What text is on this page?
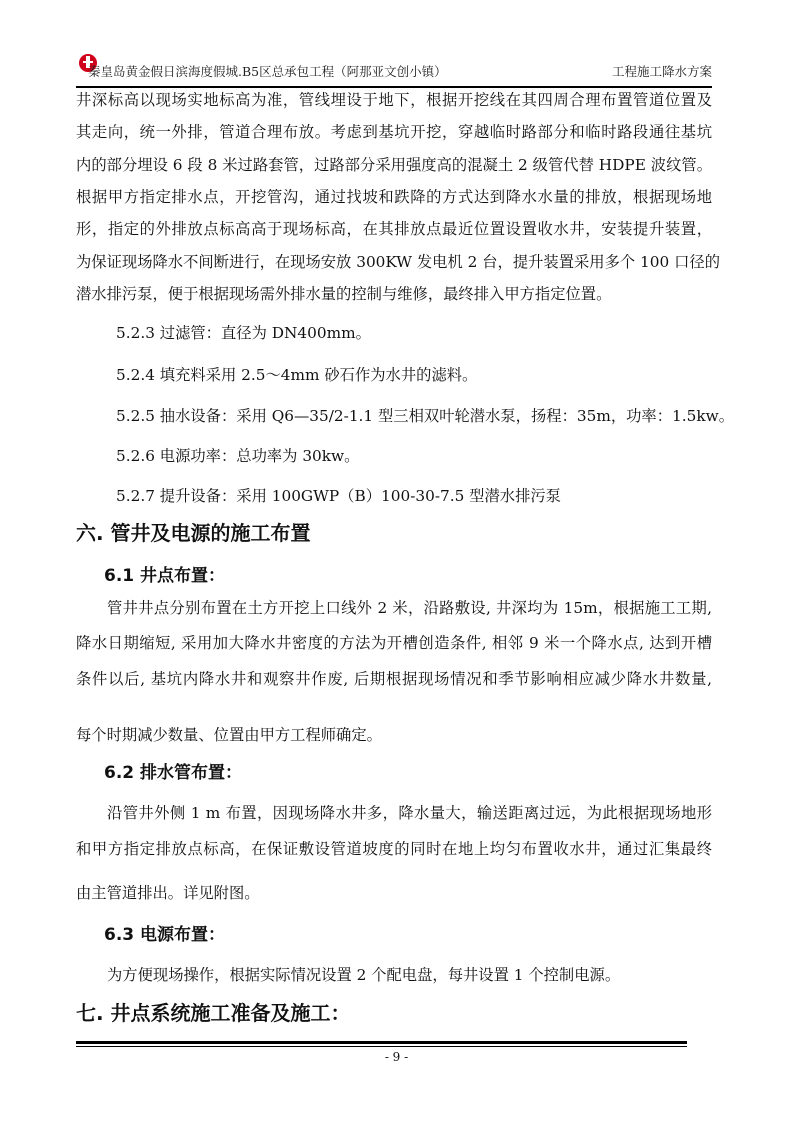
秦皇岛黄金假日滨海度假城.B5区总承包工程（阿那亚文创小镇）	工程施工降水方案
井深标高以现场实地标高为准，管线埋设于地下，根据开挖线在其四周合理布置管道位置及
其走向，统一外排，管道合理布放。考虑到基坑开挖，穿越临时路部分和临时路段通往基坑
内的部分埋设 6 段 8 米过路套管，过路部分采用强度高的混凝土 2 级管代替 HDPE 波纹管。
根据甲方指定排水点，开挖管沟，通过找坡和跌降的方式达到降水水量的排放，根据现场地
形，指定的外排放点标高高于现场标高，在其排放点最近位置设置收水井，安装提升装置，
为保证现场降水不间断进行，在现场安放 300KW 发电机 2 台，提升装置采用多个 100 口径的
潜水排污泵，便于根据现场需外排水量的控制与维修，最终排入甲方指定位置。
5.2.3 过滤管：直径为 DN400mm。
5.2.4 填充料采用 2.5～4mm 砂石作为水井的滤料。
5.2.5 抽水设备：采用 Q6—35/2-1.1 型三相双叶轮潜水泵，扬程：35m，功率：1.5kw。
5.2.6 电源功率：总功率为 30kw。
5.2.7 提升设备：采用 100GWP（B）100-30-7.5 型潜水排污泵
六. 管井及电源的施工布置
6.1 井点布置：
管井井点分别布置在土方开挖上口线外 2 米，沿路敷设, 井深均为 15m，根据施工工期,
降水日期缩短, 采用加大降水井密度的方法为开槽创造条件, 相邻 9 米一个降水点, 达到开槽
条件以后, 基坑内降水井和观察井作废, 后期根据现场情况和季节影响相应减少降水井数量,
每个时期减少数量、位置由甲方工程师确定。
6.2 排水管布置：
沿管井外侧 1 m 布置，因现场降水井多，降水量大，输送距离过远，为此根据现场地形
和甲方指定排放点标高，在保证敷设管道坡度的同时在地上均匀布置收水井，通过汇集最终
由主管道排出。详见附图。
6.3 电源布置：
为方便现场操作，根据实际情况设置 2 个配电盘，每井设置 1 个控制电源。
七. 井点系统施工准备及施工：
- 9 -
